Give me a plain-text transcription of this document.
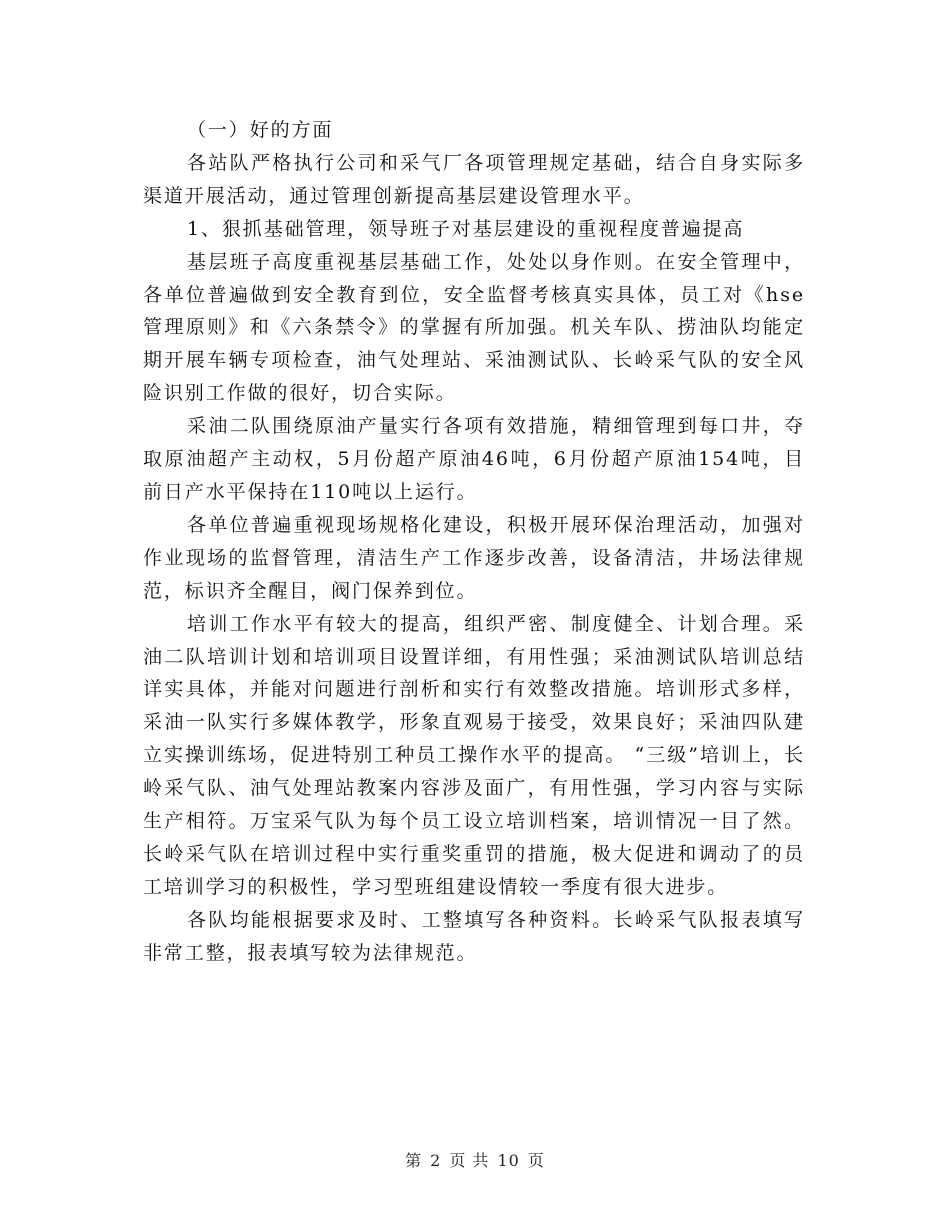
（一）好的方面

各站队严格执行公司和采气厂各项管理规定基础，结合自身实际多渠道开展活动，通过管理创新提高基层建设管理水平。

1、狠抓基础管理，领导班子对基层建设的重视程度普遍提高

基层班子高度重视基层基础工作，处处以身作则。在安全管理中，各单位普遍做到安全教育到位，安全监督考核真实具体，员工对《hse管理原则》和《六条禁令》的掌握有所加强。机关车队、捞油队均能定期开展车辆专项检查，油气处理站、采油测试队、长岭采气队的安全风险识别工作做的很好，切合实际。

采油二队围绕原油产量实行各项有效措施，精细管理到每口井，夺取原油超产主动权，5月份超产原油46吨，6月份超产原油154吨，目前日产水平保持在110吨以上运行。

各单位普遍重视现场规格化建设，积极开展环保治理活动，加强对作业现场的监督管理，清洁生产工作逐步改善，设备清洁，井场法律规范，标识齐全醒目，阀门保养到位。

培训工作水平有较大的提高，组织严密、制度健全、计划合理。采油二队培训计划和培训项目设置详细，有用性强；采油测试队培训总结详实具体，并能对问题进行剖析和实行有效整改措施。培训形式多样，采油一队实行多媒体教学，形象直观易于接受，效果良好；采油四队建立实操训练场，促进特别工种员工操作水平的提高。 “三级”培训上，长岭采气队、油气处理站教案内容涉及面广，有用性强，学习内容与实际生产相符。万宝采气队为每个员工设立培训档案，培训情况一目了然。长岭采气队在培训过程中实行重奖重罚的措施，极大促进和调动了的员工培训学习的积极性，学习型班组建设情较一季度有很大进步。

各队均能根据要求及时、工整填写各种资料。长岭采气队报表填写非常工整，报表填写较为法律规范。

第 2 页 共 10 页
